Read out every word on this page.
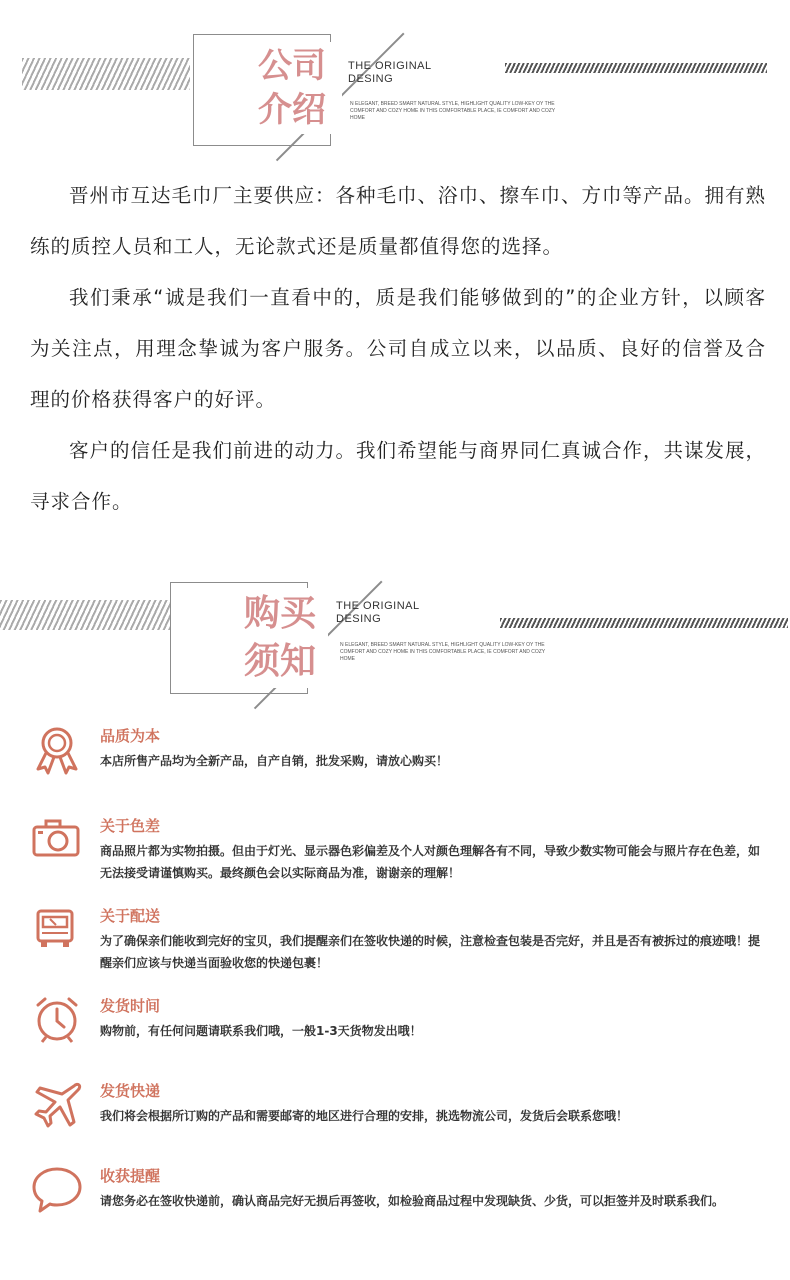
公司
介绍
THE ORIGINAL DESING
N ELEGANT, BREED SMART NATURAL STYLE, HIGHLIGHT QUALITY LOW-KEY OY THE COMFORT AND COZY HOME IN THIS COMFORTABLE PLACE, IE COMFORT AND COZY HOME

晋州市互达毛巾厂主要供应：各种毛巾、浴巾、擦车巾、方巾等产品。拥有熟练的质控人员和工人，无论款式还是质量都值得您的选择。

我们秉承“诚是我们一直看中的，质是我们能够做到的”的企业方针，以顾客为关注点，用理念挚诚为客户服务。公司自成立以来，以品质、良好的信誉及合理的价格获得客户的好评。

客户的信任是我们前进的动力。我们希望能与商界同仁真诚合作，共谋发展，寻求合作。

购买
须知
THE ORIGINAL DESING
N ELEGANT, BREED SMART NATURAL STYLE, HIGHLIGHT QUALITY LOW-KEY OY THE COMFORT AND COZY HOME IN THIS COMFORTABLE PLACE, IE COMFORT AND COZY HOME
品质为本
本店所售产品均为全新产品，自产自销，批发采购，请放心购买！
关于色差
商品照片都为实物拍摄。但由于灯光、显示器色彩偏差及个人对颜色理解各有不同，导致少数实物可能会与照片存在色差，如无法接受请谨慎购买。最终颜色会以实际商品为准，谢谢亲的理解！
关于配送
为了确保亲们能收到完好的宝贝，我们提醒亲们在签收快递的时候，注意检查包装是否完好，并且是否有被拆过的痕迹哦！提醒亲们应该与快递当面验收您的快递包裹！
发货时间
购物前，有任何问题请联系我们哦，一般1-3天货物发出哦！
发货快递
我们将会根据所订购的产品和需要邮寄的地区进行合理的安排，挑选物流公司，发货后会联系您哦！
收获提醒
请您务必在签收快递前，确认商品完好无损后再签收，如检验商品过程中发现缺货、少货，可以拒签并及时联系我们。
